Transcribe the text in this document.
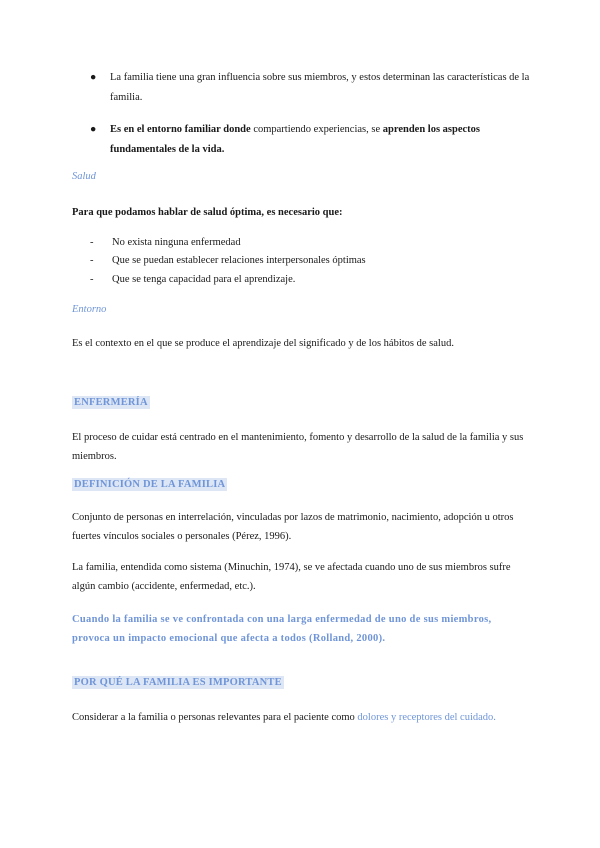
●	La familia tiene una gran influencia sobre sus miembros, y estos determinan las características de la familia.
●	Es en el entorno familiar donde compartiendo experiencias, se aprenden los aspectos fundamentales de la vida.
Salud
Para que podamos hablar de salud óptima, es necesario que:
- No exista ninguna enfermedad
- Que se puedan establecer relaciones interpersonales óptimas
- Que se tenga capacidad para el aprendizaje.
Entorno
Es el contexto en el que se produce el aprendizaje del significado y de los hábitos de salud.
ENFERMERÍA
El proceso de cuidar está centrado en el mantenimiento, fomento y desarrollo de la salud de la familia y sus miembros.
DEFINICIÓN DE LA FAMILIA
Conjunto de personas en interrelación, vinculadas por lazos de matrimonio, nacimiento, adopción u otros fuertes vínculos sociales o personales (Pérez, 1996).
La familia, entendida como sistema (Minuchin, 1974), se ve afectada cuando uno de sus miembros sufre algún cambio (accidente, enfermedad, etc.).
Cuando la familia se ve confrontada con una larga enfermedad de uno de sus miembros, provoca un impacto emocional que afecta a todos (Rolland, 2000).
POR QUÉ LA FAMILIA ES IMPORTANTE
Considerar a la familia o personas relevantes para el paciente como dolores y receptores del cuidado.
